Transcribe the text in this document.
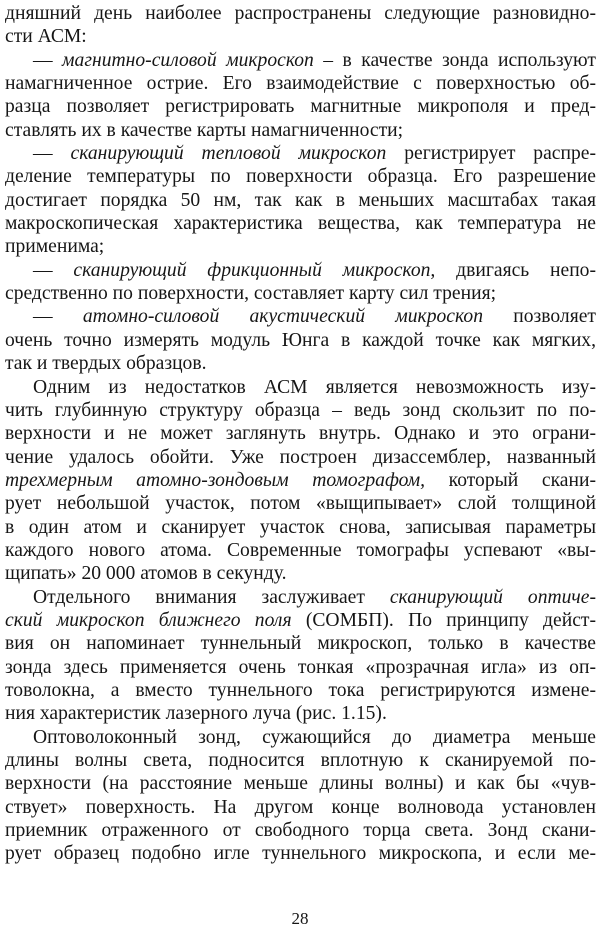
дняшний день наиболее распространены следующие разновидно-
сти АСМ:
— магнитно-силовой микроскоп – в качестве зонда используют
намагниченное острие. Его взаимодействие с поверхностью об-
разца позволяет регистрировать магнитные микрополя и пред-
ставлять их в качестве карты намагниченности;
— сканирующий тепловой микроскоп регистрирует распре-
деление температуры по поверхности образца. Его разрешение
достигает порядка 50 нм, так как в меньших масштабах такая
макроскопическая характеристика вещества, как температура не
применима;
— сканирующий фрикционный микроскоп, двигаясь непо-
средственно по поверхности, составляет карту сил трения;
— атомно-силовой акустический микроскоп позволяет
очень точно измерять модуль Юнга в каждой точке как мягких,
так и твердых образцов.
Одним из недостатков АСМ является невозможность изу-
чить глубинную структуру образца – ведь зонд скользит по по-
верхности и не может заглянуть внутрь. Однако и это ограни-
чение удалось обойти. Уже построен дизассемблер, названный
трехмерным атомно-зондовым томографом, который скани-
рует небольшой участок, потом «выщипывает» слой толщиной
в один атом и сканирует участок снова, записывая параметры
каждого нового атома. Современные томографы успевают «вы-
щипать» 20 000 атомов в секунду.
Отдельного внимания заслуживает сканирующий оптиче-
ский микроскоп ближнего поля (СОМБП). По принципу дейст-
вия он напоминает туннельный микроскоп, только в качестве
зонда здесь применяется очень тонкая «прозрачная игла» из оп-
товолокна, а вместо туннельного тока регистрируются измене-
ния характеристик лазерного луча (рис. 1.15).
Оптоволоконный зонд, сужающийся до диаметра меньше
длины волны света, подносится вплотную к сканируемой по-
верхности (на расстояние меньше длины волны) и как бы «чув-
ствует» поверхность. На другом конце волновода установлен
приемник отраженного от свободного торца света. Зонд скани-
рует образец подобно игле туннельного микроскопа, и если ме-
28
